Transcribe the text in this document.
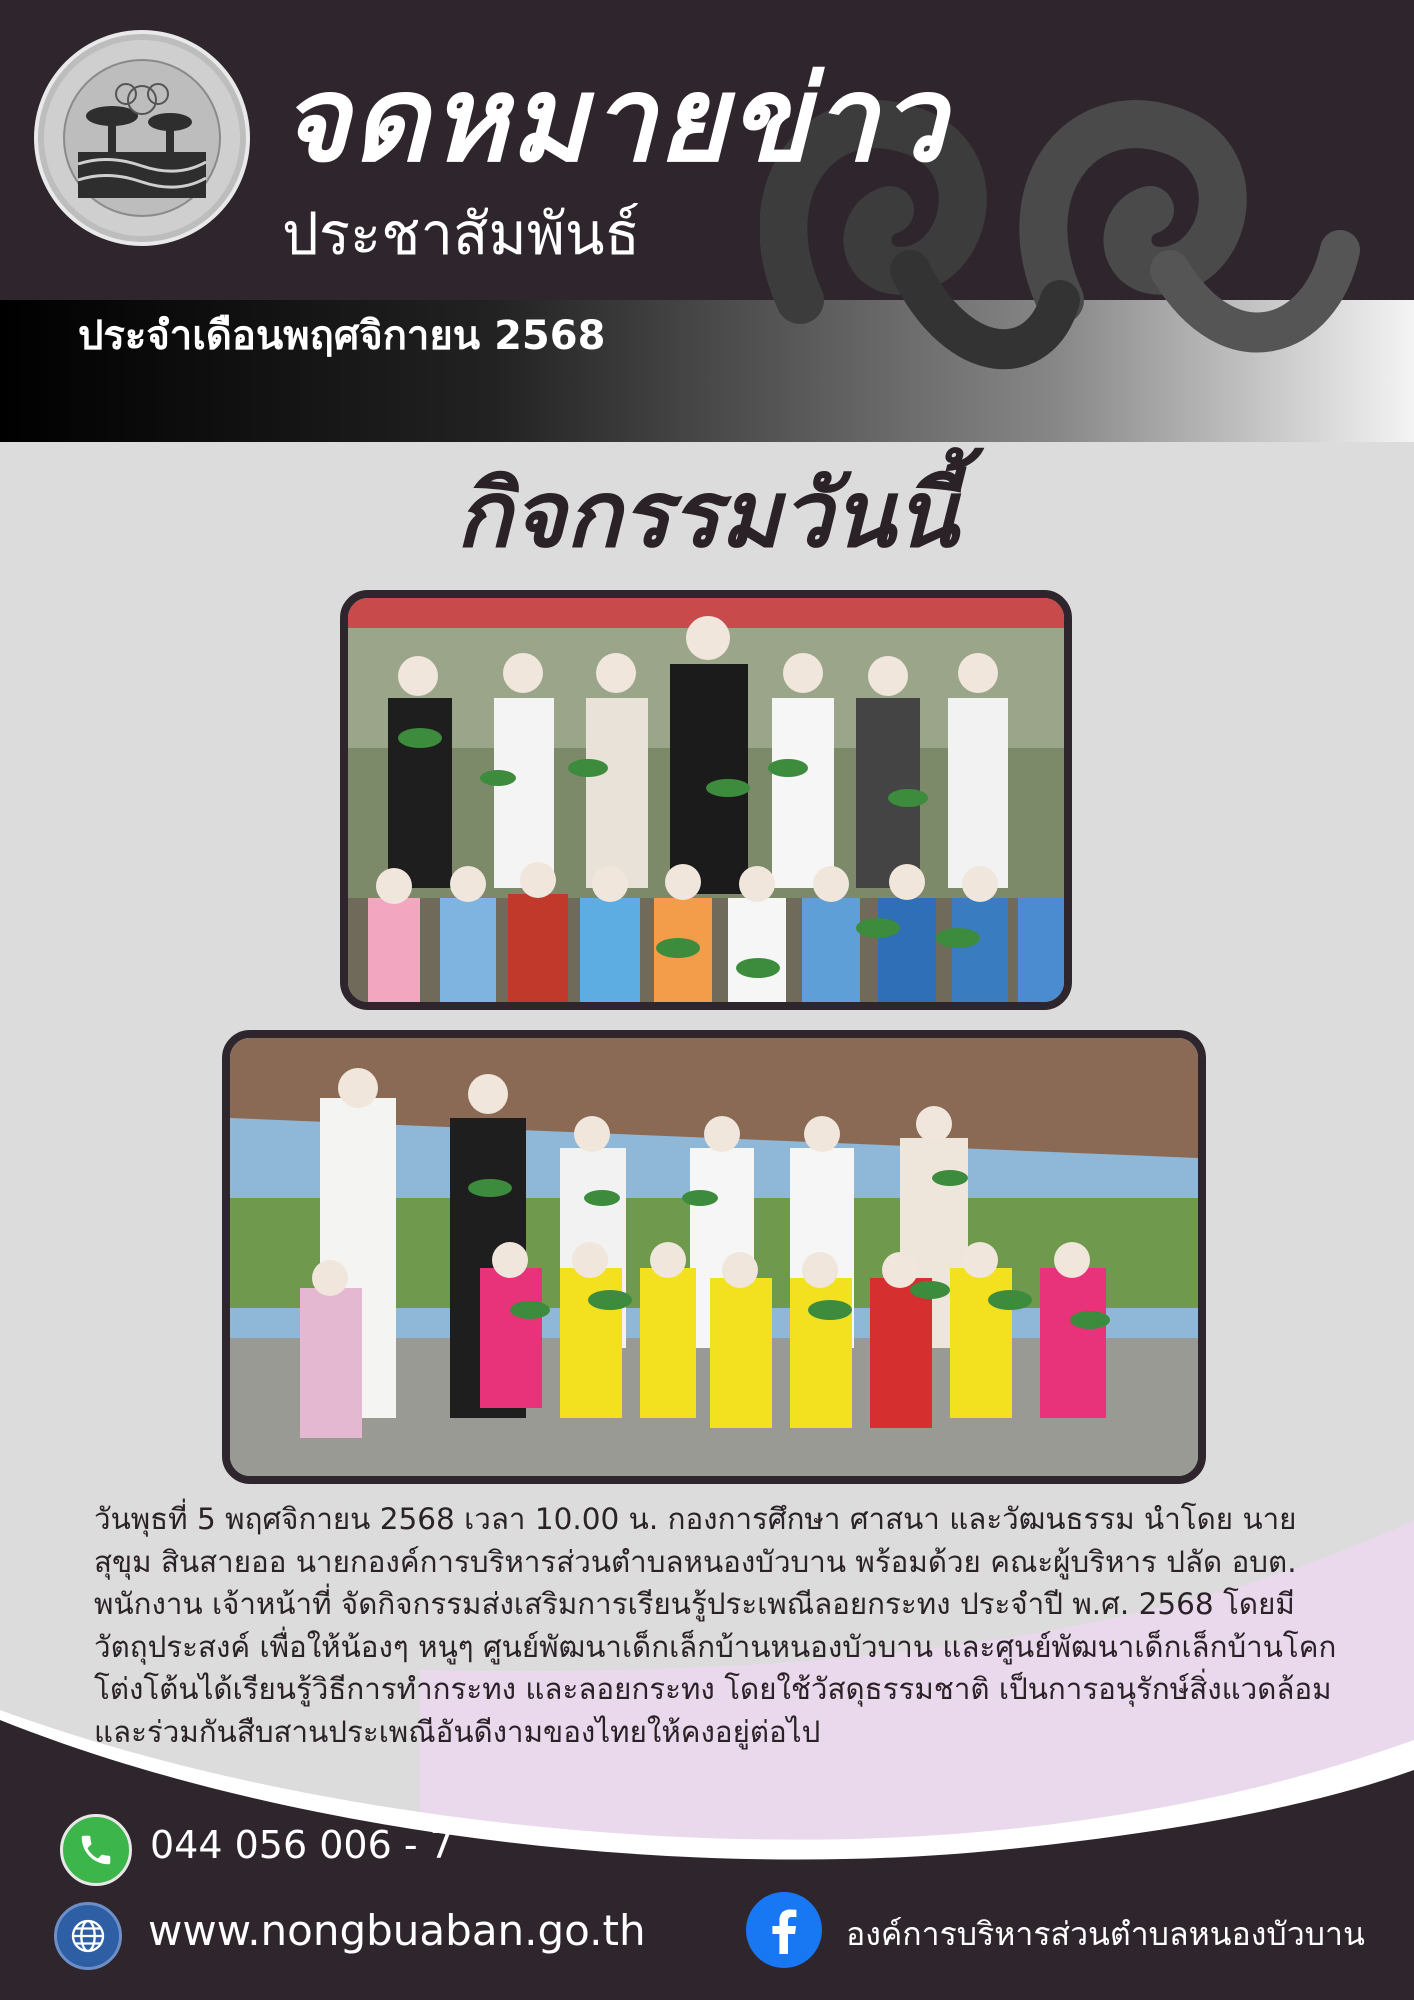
จดหมายข่าว
ประชาสัมพันธ์
ประจำเดือนพฤศจิกายน 2568
กิจกรรมวันนี้
วันพุธที่ 5 พฤศจิกายน 2568 เวลา 10.00 น. กองการศึกษา ศาสนา และวัฒนธรรม นำโดย นายสุขุม สินสายออ นายกองค์การบริหารส่วนตำบลหนองบัวบาน พร้อมด้วย คณะผู้บริหาร ปลัด อบต. พนักงาน เจ้าหน้าที่ จัดกิจกรรมส่งเสริมการเรียนรู้ประเพณีลอยกระทง ประจำปี พ.ศ. 2568 โดยมีวัตถุประสงค์ เพื่อให้น้องๆ หนูๆ ศูนย์พัฒนาเด็กเล็กบ้านหนองบัวบาน และศูนย์พัฒนาเด็กเล็กบ้านโคกโต่งโต้นได้เรียนรู้วิธีการทำกระทง และลอยกระทง โดยใช้วัสดุธรรมชาติ เป็นการอนุรักษ์สิ่งแวดล้อม และร่วมกันสืบสานประเพณีอันดีงามของไทยให้คงอยู่ต่อไป
044 056 006 - 7
www.nongbuaban.go.th	องค์การบริหารส่วนตำบลหนองบัวบาน
